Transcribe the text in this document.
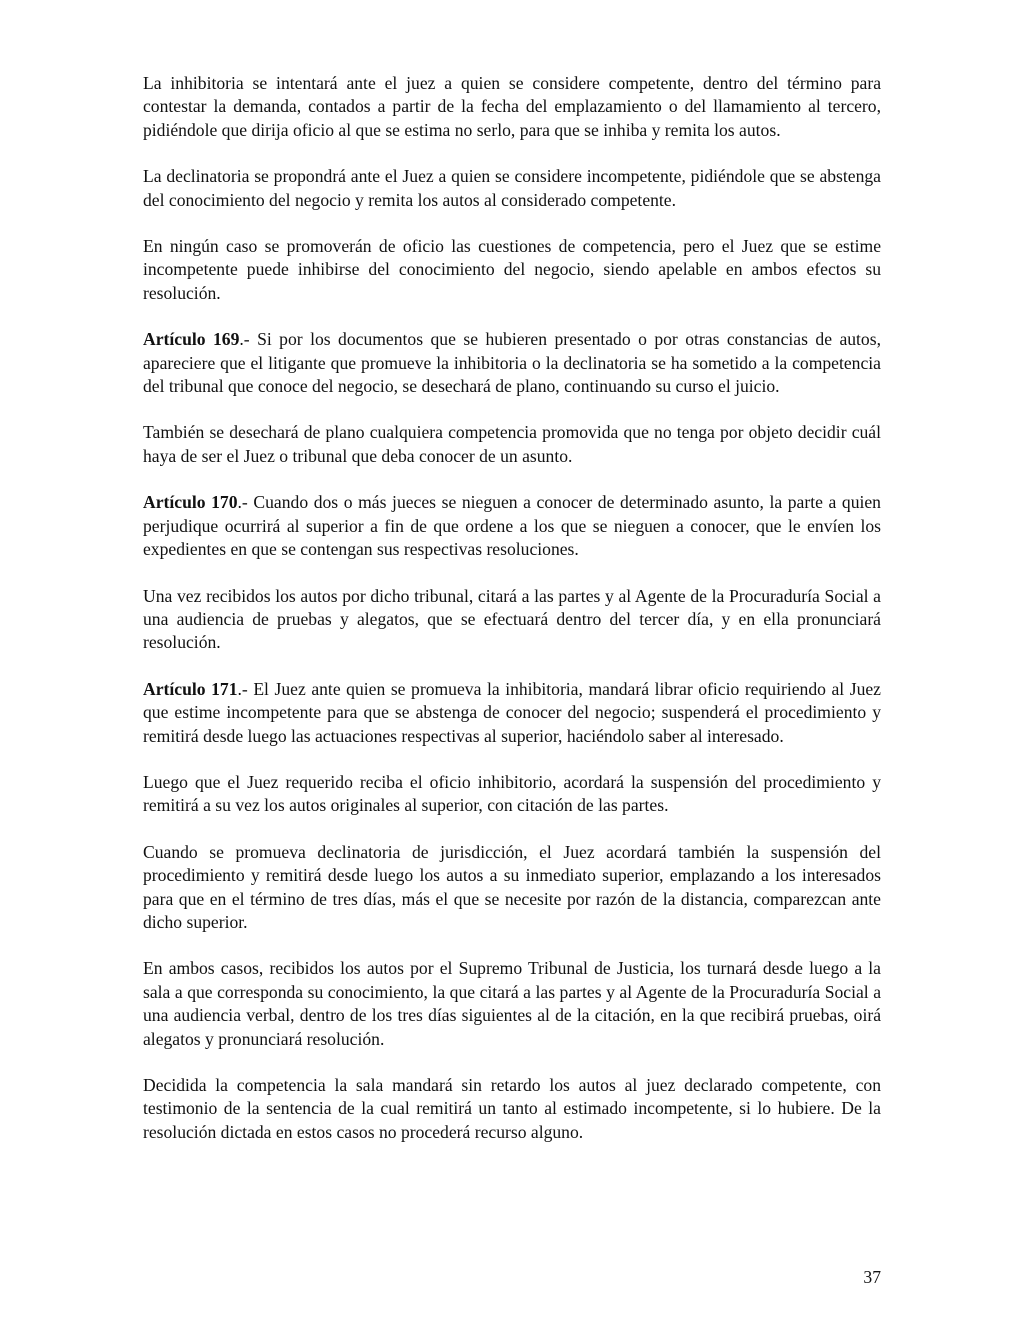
La inhibitoria se intentará ante el juez a quien se considere competente, dentro del término para contestar la demanda, contados a partir de la fecha del emplazamiento o del llamamiento al tercero, pidiéndole que dirija oficio al que se estima no serlo, para que se inhiba y remita los autos.

La declinatoria se propondrá ante el Juez a quien se considere incompetente, pidiéndole que se abstenga del conocimiento del negocio y remita los autos al considerado competente.

En ningún caso se promoverán de oficio las cuestiones de competencia, pero el Juez que se estime incompetente puede inhibirse del conocimiento del negocio, siendo apelable en ambos efectos su resolución.

Artículo 169.- Si por los documentos que se hubieren presentado o por otras constancias de autos, apareciere que el litigante que promueve la inhibitoria o la declinatoria se ha sometido a la competencia del tribunal que conoce del negocio, se desechará de plano, continuando su curso el juicio.

También se desechará de plano cualquiera competencia promovida que no tenga por objeto decidir cuál haya de ser el Juez o tribunal que deba conocer de un asunto.

Artículo 170.- Cuando dos o más jueces se nieguen a conocer de determinado asunto, la parte a quien perjudique ocurrirá al superior a fin de que ordene a los que se nieguen a conocer, que le envíen los expedientes en que se contengan sus respectivas resoluciones.

Una vez recibidos los autos por dicho tribunal, citará a las partes y al Agente de la Procuraduría Social a una audiencia de pruebas y alegatos, que se efectuará dentro del tercer día, y en ella pronunciará resolución.

Artículo 171.- El Juez ante quien se promueva la inhibitoria, mandará librar oficio requiriendo al Juez que estime incompetente para que se abstenga de conocer del negocio; suspenderá el procedimiento y remitirá desde luego las actuaciones respectivas al superior, haciéndolo saber al interesado.

Luego que el Juez requerido reciba el oficio inhibitorio, acordará la suspensión del procedimiento y remitirá a su vez los autos originales al superior, con citación de las partes.

Cuando se promueva declinatoria de jurisdicción, el Juez acordará también la suspensión del procedimiento y remitirá desde luego los autos a su inmediato superior, emplazando a los interesados para que en el término de tres días, más el que se necesite por razón de la distancia, comparezcan ante dicho superior.

En ambos casos, recibidos los autos por el Supremo Tribunal de Justicia, los turnará desde luego a la sala a que corresponda su conocimiento, la que citará a las partes y al Agente de la Procuraduría Social a una audiencia verbal, dentro de los tres días siguientes al de la citación, en la que recibirá pruebas, oirá alegatos y pronunciará resolución.

Decidida la competencia la sala mandará sin retardo los autos al juez declarado competente, con testimonio de la sentencia de la cual remitirá un tanto al estimado incompetente, si lo hubiere. De la resolución dictada en estos casos no procederá recurso alguno.

37
